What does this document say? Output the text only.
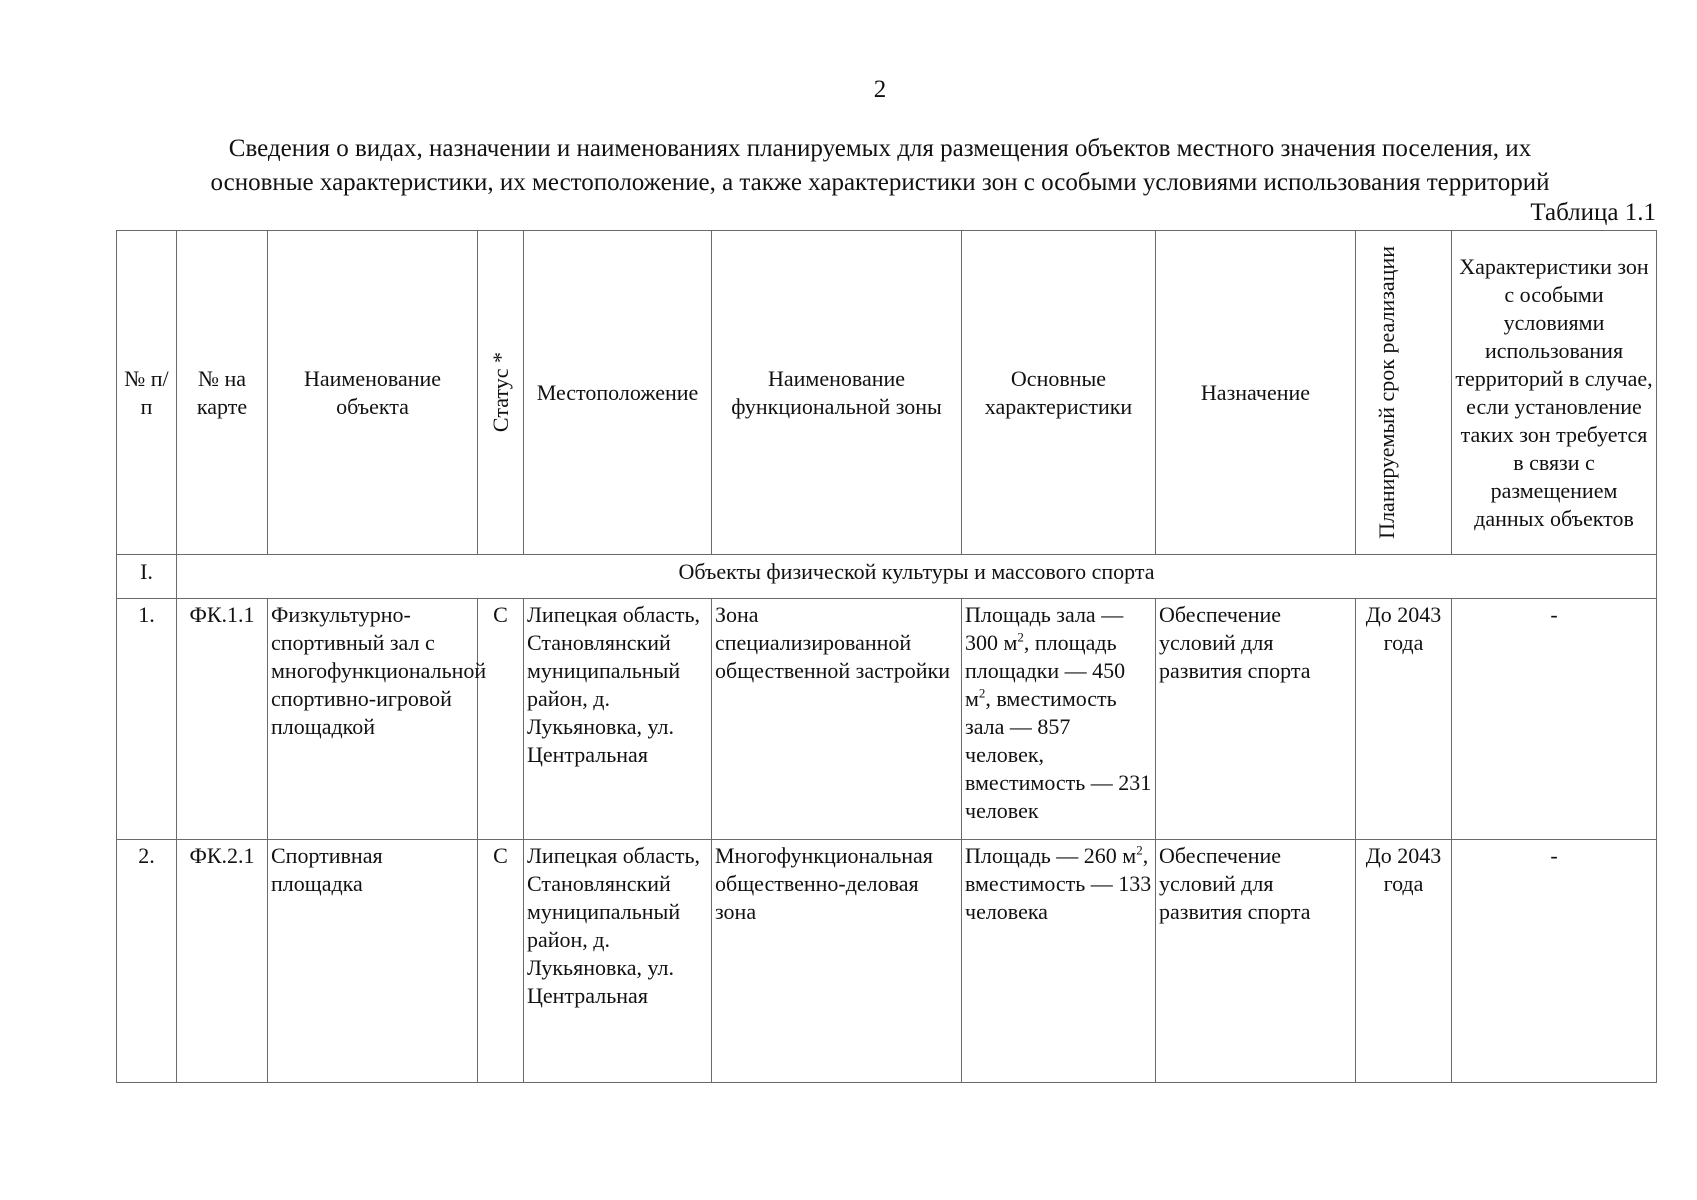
2
Сведения о видах, назначении и наименованиях планируемых для размещения объектов местного значения поселения, их
основные характеристики, их местоположение, а также характеристики зон с особыми условиями использования территорий
Таблица 1.1
№ п/п	№ на карте	Наименование объекта	Статус *	Местоположение	Наименование функциональной зоны	Основные характеристики	Назначение	Планируемый срок реализации	Характеристики зон с особыми условиями использования территорий в случае, если установление таких зон требуется в связи с размещением данных объектов
I.	Объекты физической культуры и массового спорта								
1.	ФК.1.1	Физкультурно-спортивный зал с многофункциональной спортивно-игровой площадкой	С	Липецкая область, Становлянский муниципальный район, д. Лукьяновка, ул. Центральная	Зона специализированной общественной застройки	Площадь зала — 300 $м^2$, площадь площадки — 450 $м^2$, вместимость зала — 857 человек, вместимость — 231 человек	Обеспечение условий для развития спорта	До 2043 года	-
2.	ФК.2.1	Спортивная площадка	С	Липецкая область, Становлянский муниципальный район, д. Лукьяновка, ул. Центральная	Многофункциональная общественно-деловая зона	Площадь — 260 $м^2$, вместимость — 133 человека	Обеспечение условий для развития спорта	До 2043 года	-
